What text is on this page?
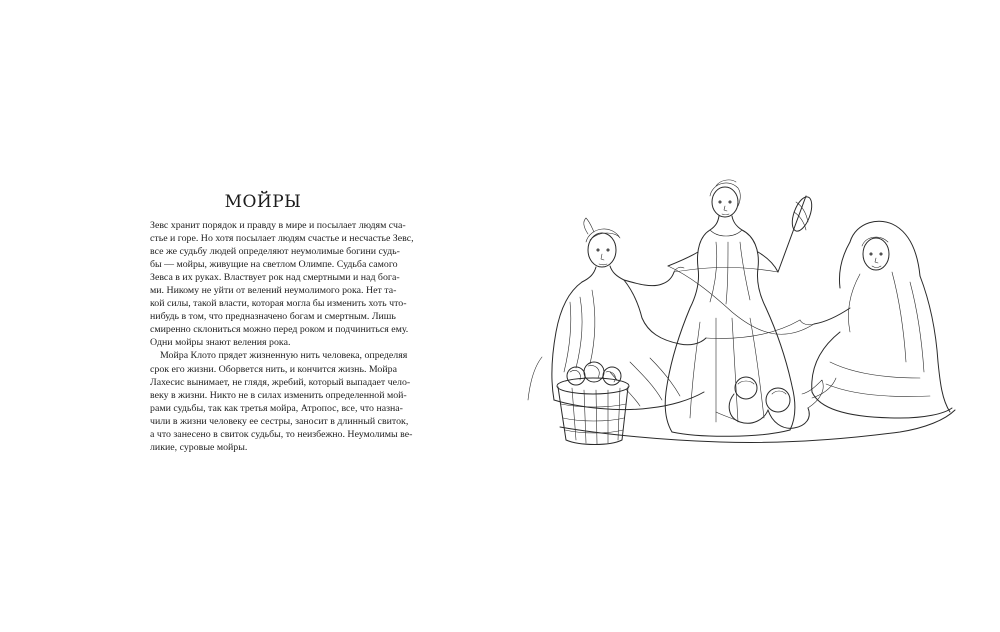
МОЙРЫ
Зевс хранит порядок и правду в мире и посылает людям сча-
стье и горе. Но хотя посылает людям счастье и несчастье Зевс,
все же судьбу людей определяют неумолимые богини судь-
бы — мойры, живущие на светлом Олимпе. Судьба самого
Зевса в их руках. Властвует рок над смертными и над бога-
ми. Никому не уйти от велений неумолимого рока. Нет та-
кой силы, такой власти, которая могла бы изменить хоть что-
нибудь в том, что предназначено богам и смертным. Лишь
смиренно склониться можно перед роком и подчиниться ему.
Одни мойры знают веления рока.
Мойра Клото прядет жизненную нить человека, определяя
срок его жизни. Оборвется нить, и кончится жизнь. Мойра
Лахесис вынимает, не глядя, жребий, который выпадает чело-
веку в жизни. Никто не в силах изменить определенной мой-
рами судьбы, так как третья мойра, Атропос, все, что назна-
чили в жизни человеку ее сестры, заносит в длинный свиток,
а что занесено в свиток судьбы, то неизбежно. Неумолимы ве-
ликие, суровые мойры.
